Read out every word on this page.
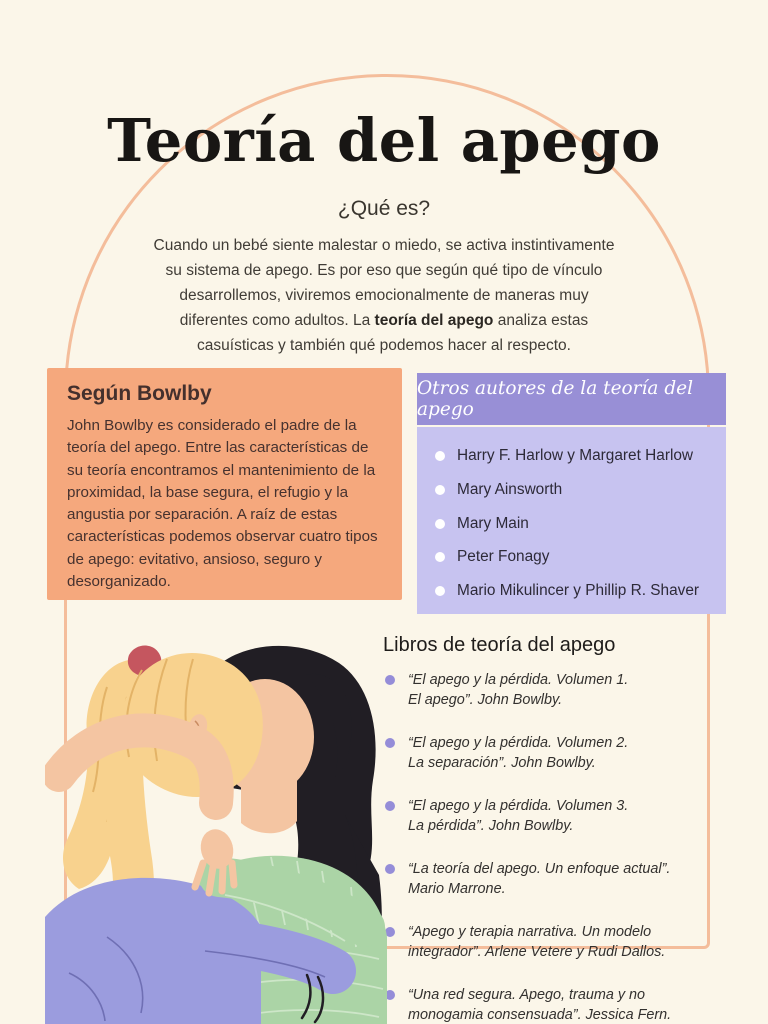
Teoría del apego
¿Qué es?
Cuando un bebé siente malestar o miedo, se activa instintivamente
su sistema de apego. Es por eso que según qué tipo de vínculo
desarrollemos, viviremos emocionalmente de maneras muy
diferentes como adultos. La teoría del apego analiza estas
casuísticas y también qué podemos hacer al respecto.
Según Bowlby

John Bowlby es considerado el padre de la teoría del apego. Entre las características de su teoría encontramos el mantenimiento de la proximidad, la base segura, el refugio y la angustia por separación. A raíz de estas características podemos observar cuatro tipos de apego: evitativo, ansioso, seguro y desorganizado.

Otros autores de la teoría del apego
Harry F. Harlow y Margaret Harlow
Mary Ainsworth
Mary Main
Peter Fonagy
Mario Mikulincer y Phillip R. Shaver
Libros de teoría del apego
“El apego y la pérdida. Volumen 1.
El apego”. John Bowlby.
“El apego y la pérdida. Volumen 2.
La separación”. John Bowlby.
“El apego y la pérdida. Volumen 3.
La pérdida”. John Bowlby.
“La teoría del apego. Un enfoque actual”.
Mario Marrone.
“Apego y terapia narrativa. Un modelo
integrador”. Arlene Vetere y Rudi Dallos.
“Una red segura. Apego, trauma y no
monogamia consensuada”. Jessica Fern.
